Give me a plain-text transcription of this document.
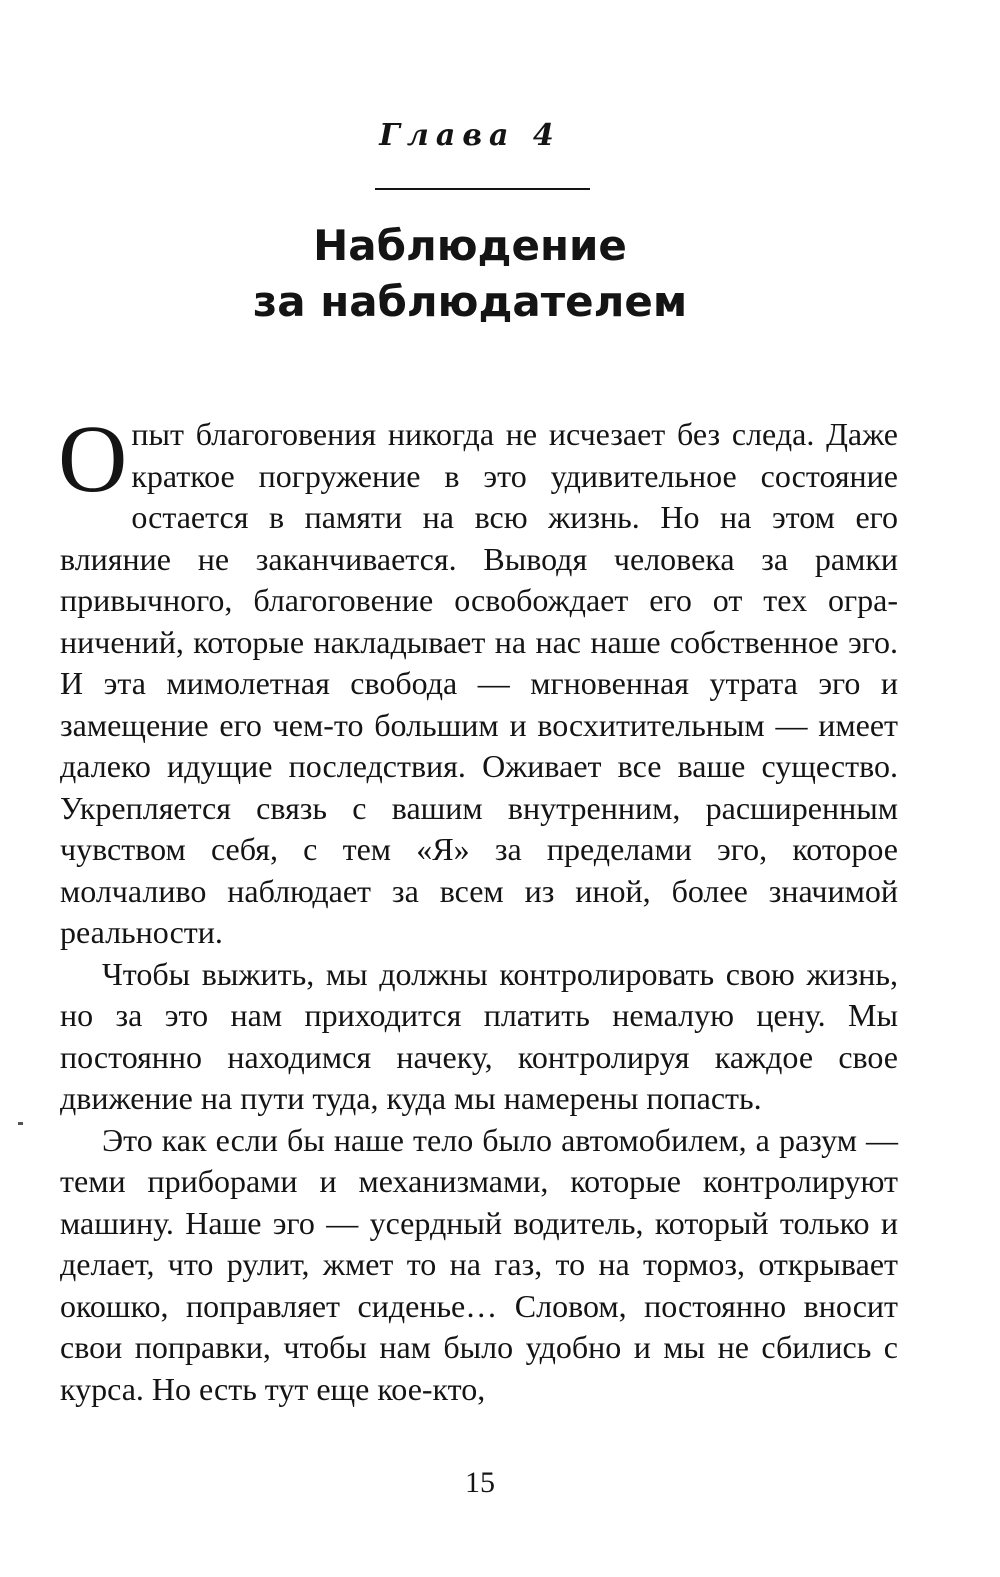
Глава 4
Наблюдение
за наблюдателем

Опыт благоговения никогда не исчезает без следа. Даже краткое погружение в это удивительное состояние остается в памяти на всю жизнь. Но на этом его влияние не заканчивается. Выводя человека за рамки привычного, благоговение освобождает его от тех ограничений, которые накладывает на нас наше собственное эго. И эта мимолетная свобода — мгновенная утрата эго и замещение его чем-то большим и восхитительным — имеет далеко идущие последствия. Оживает все ваше существо. Укрепляется связь с вашим внутренним, расширенным чувством себя, с тем «Я» за пределами эго, которое молчаливо наблюдает за всем из иной, более значимой реальности.

Чтобы выжить, мы должны контролировать свою жизнь, но за это нам приходится платить немалую цену. Мы постоянно находимся начеку, контролируя каждое свое движение на пути туда, куда мы намерены попасть.

Это как если бы наше тело было автомобилем, а разум — теми приборами и механизмами, которые контролируют машину. Наше эго — усердный водитель, который только и делает, что рулит, жмет то на газ, то на тормоз, открывает окошко, поправляет сиденье… Словом, постоянно вносит свои поправки, чтобы нам было удобно и мы не сбились с курса. Но есть тут еще кое-кто,

15
